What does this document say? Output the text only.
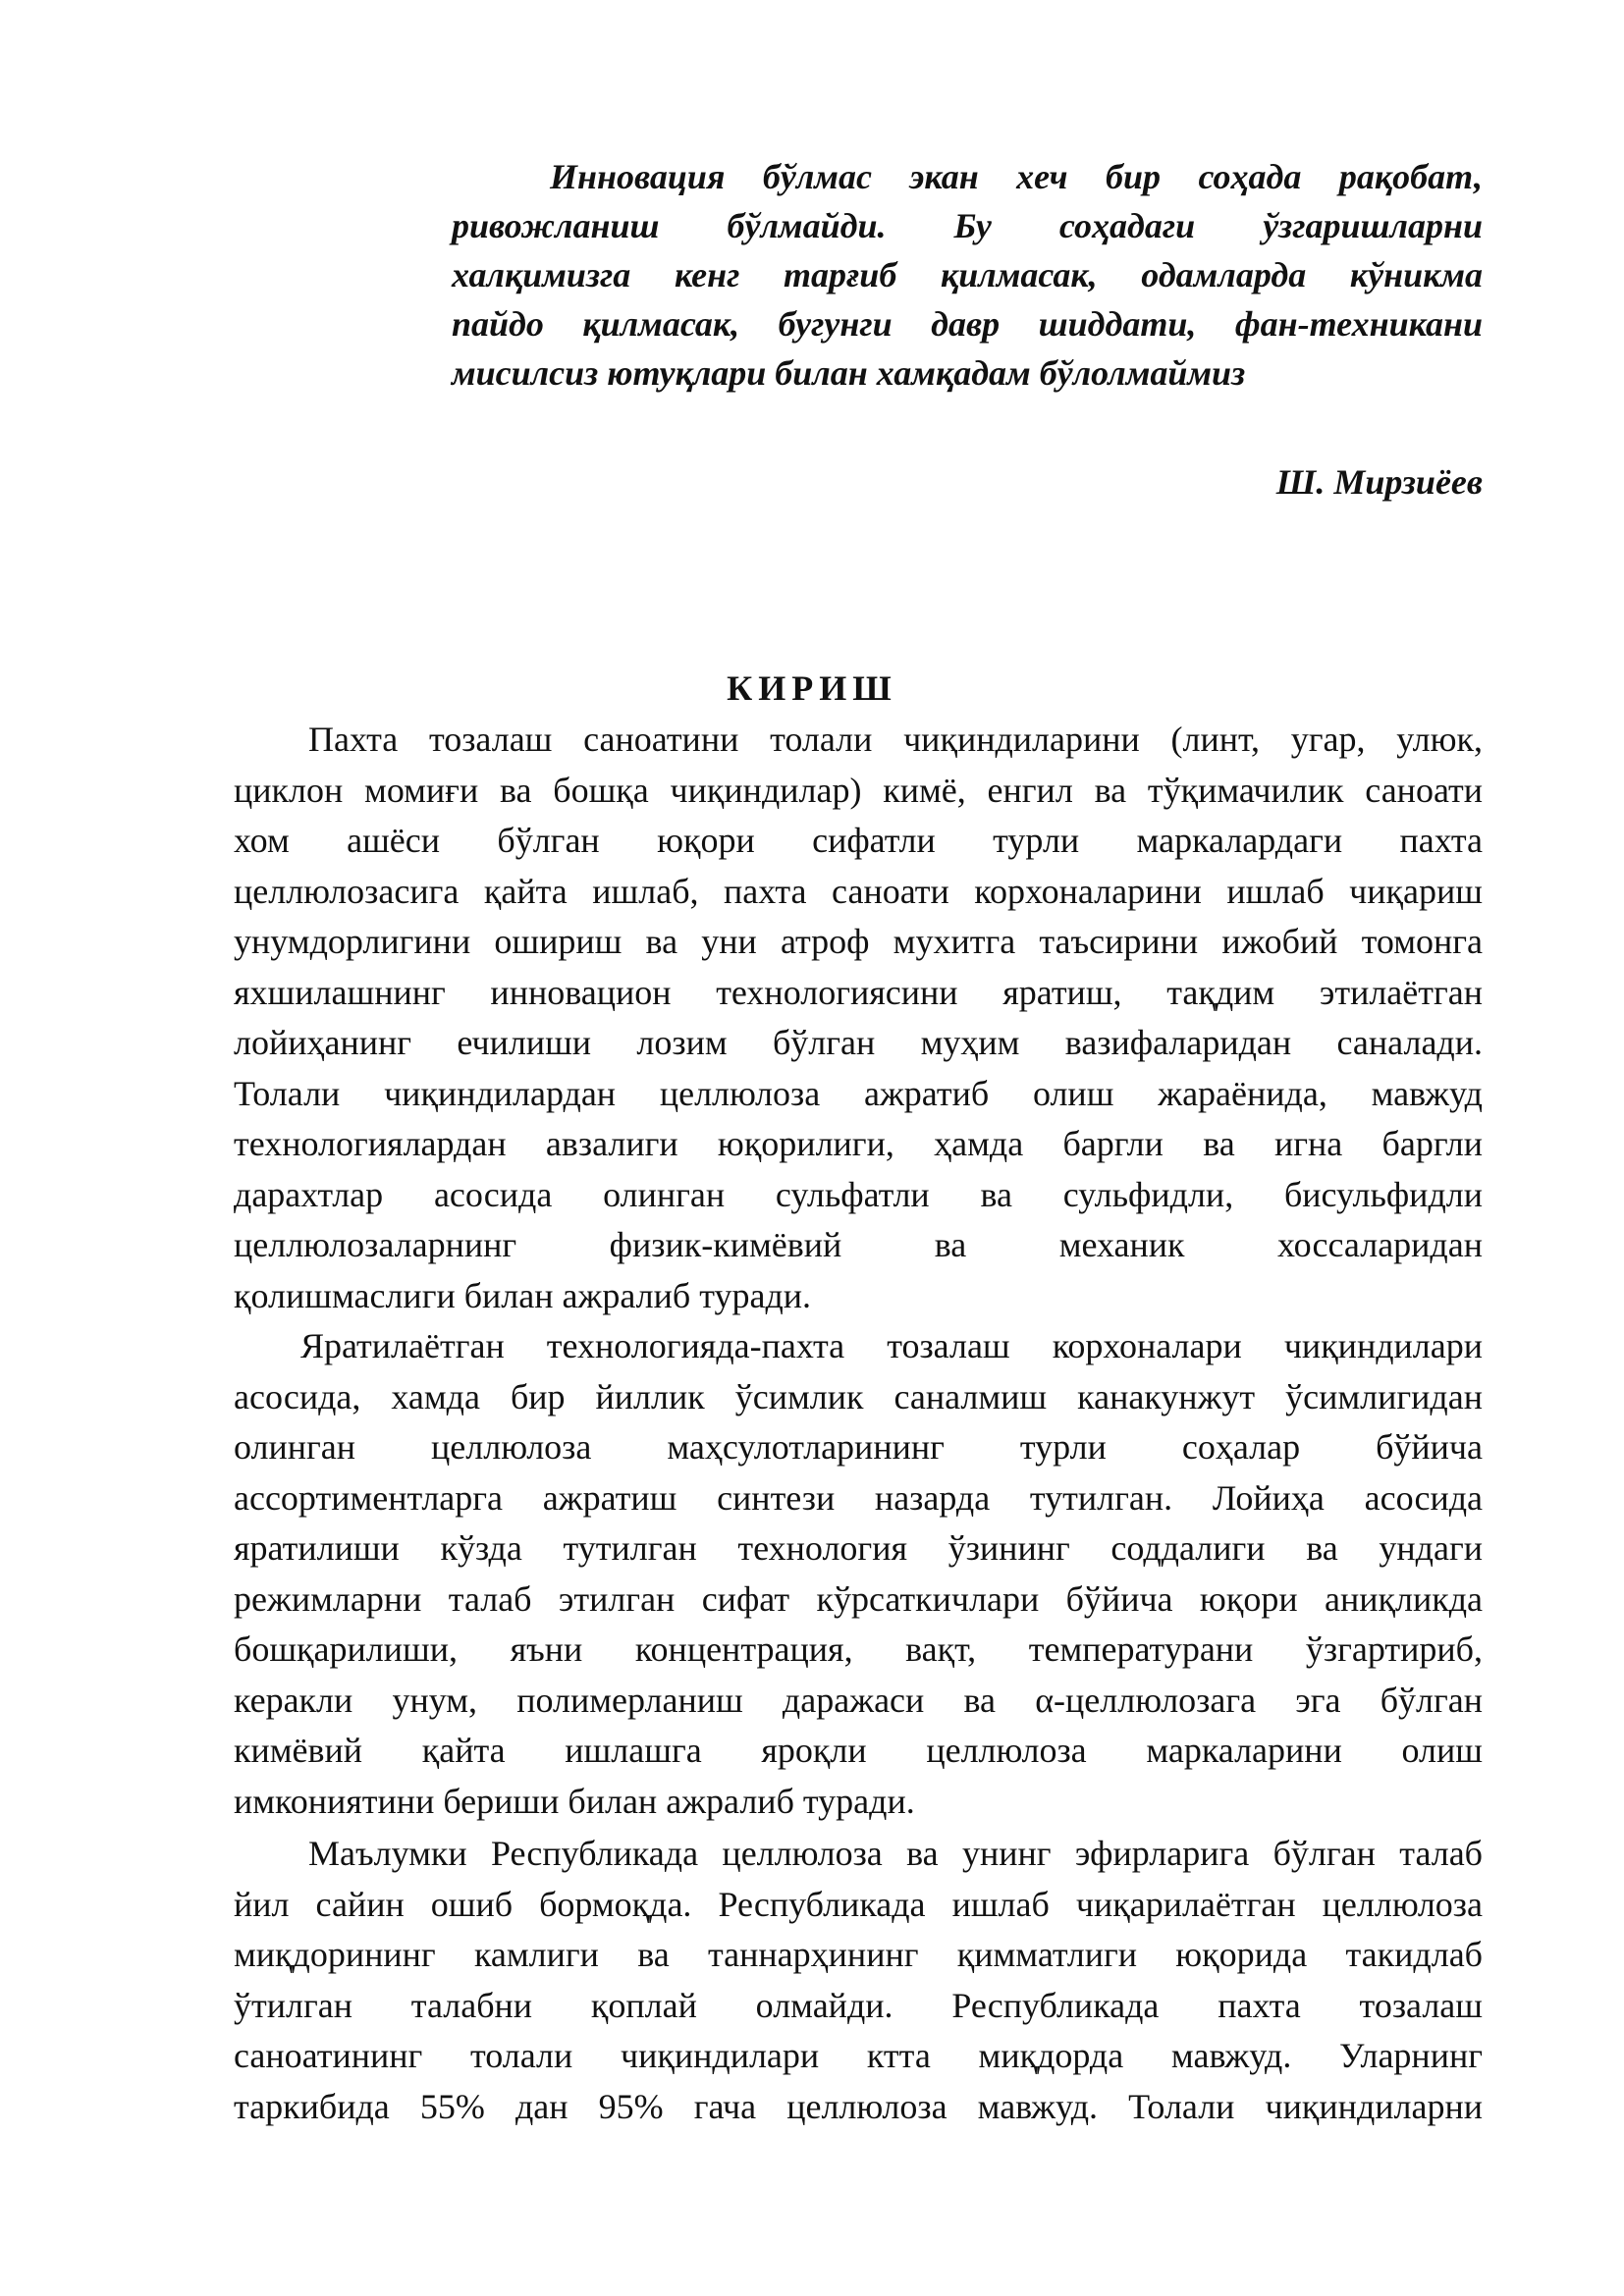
Инновация бўлмас экан хеч бир соҳада рақобат,
ривожланиш бўлмайди. Бу соҳадаги ўзгаришларни
халқимизга кенг тарғиб қилмасак, одамларда кўникма
пайдо қилмасак, бугунги давр шиддати, фан-техникани
мисилсиз ютуқлари билан хамқадам бўлолмаймиз
Ш. Мирзиёев
КИРИШ
Пахта тозалаш саноатини толали чиқиндиларини (линт, угар, улюк,
циклон момиғи ва бошқа чиқиндилар) кимё, енгил ва тўқимачилик саноати
хом ашёси бўлган юқори сифатли турли маркалардаги пахта
целлюлозасига қайта ишлаб, пахта саноати корхоналарини ишлаб чиқариш
унумдорлигини ошириш ва уни атроф мухитга таъсирини ижобий томонга
яхшилашнинг инновацион технологиясини яратиш, тақдим этилаётган
лойиҳанинг ечилиши лозим бўлган муҳим вазифаларидан саналади.
Толали чиқиндилардан целлюлоза ажратиб олиш жараёнида, мавжуд
технологиялардан авзалиги юқорилиги, ҳамда баргли ва игна баргли
дарахтлар асосида олинган сульфатли ва сульфидли, бисульфидли
целлюлозаларнинг физик-кимёвий ва механик хоссаларидан
қолишмаслиги билан ажралиб туради.
Яратилаётган технологияда-пахта тозалаш корхоналари чиқиндилари
асосида, хамда бир йиллик ўсимлик саналмиш канакунжут ўсимлигидан
олинган целлюлоза маҳсулотларининг турли соҳалар бўйича
ассортиментларга ажратиш синтези назарда тутилган. Лойиҳа асосида
яратилиши кўзда тутилган технология ўзининг соддалиги ва ундаги
режимларни талаб этилган сифат кўрсаткичлари бўйича юқори аниқликда
бошқарилиши, яъни концентрация, вақт, температурани ўзгартириб,
керакли унум, полимерланиш даражаси ва α-целлюлозага эга бўлган
кимёвий қайта ишлашга яроқли целлюлоза маркаларини олиш
имкониятини бериши билан ажралиб туради.
Маълумки Республикада целлюлоза ва унинг эфирларига бўлган талаб
йил сайин ошиб бормоқда. Республикада ишлаб чиқарилаётган целлюлоза
миқдорининг камлиги ва таннарҳининг қимматлиги юқорида такидлаб
ўтилган талабни қоплай олмайди. Республикада пахта тозалаш
саноатининг толали чиқиндилари ктта миқдорда мавжуд. Уларнинг
таркибида 55% дан 95% гача целлюлоза мавжуд. Толали чиқиндиларни
